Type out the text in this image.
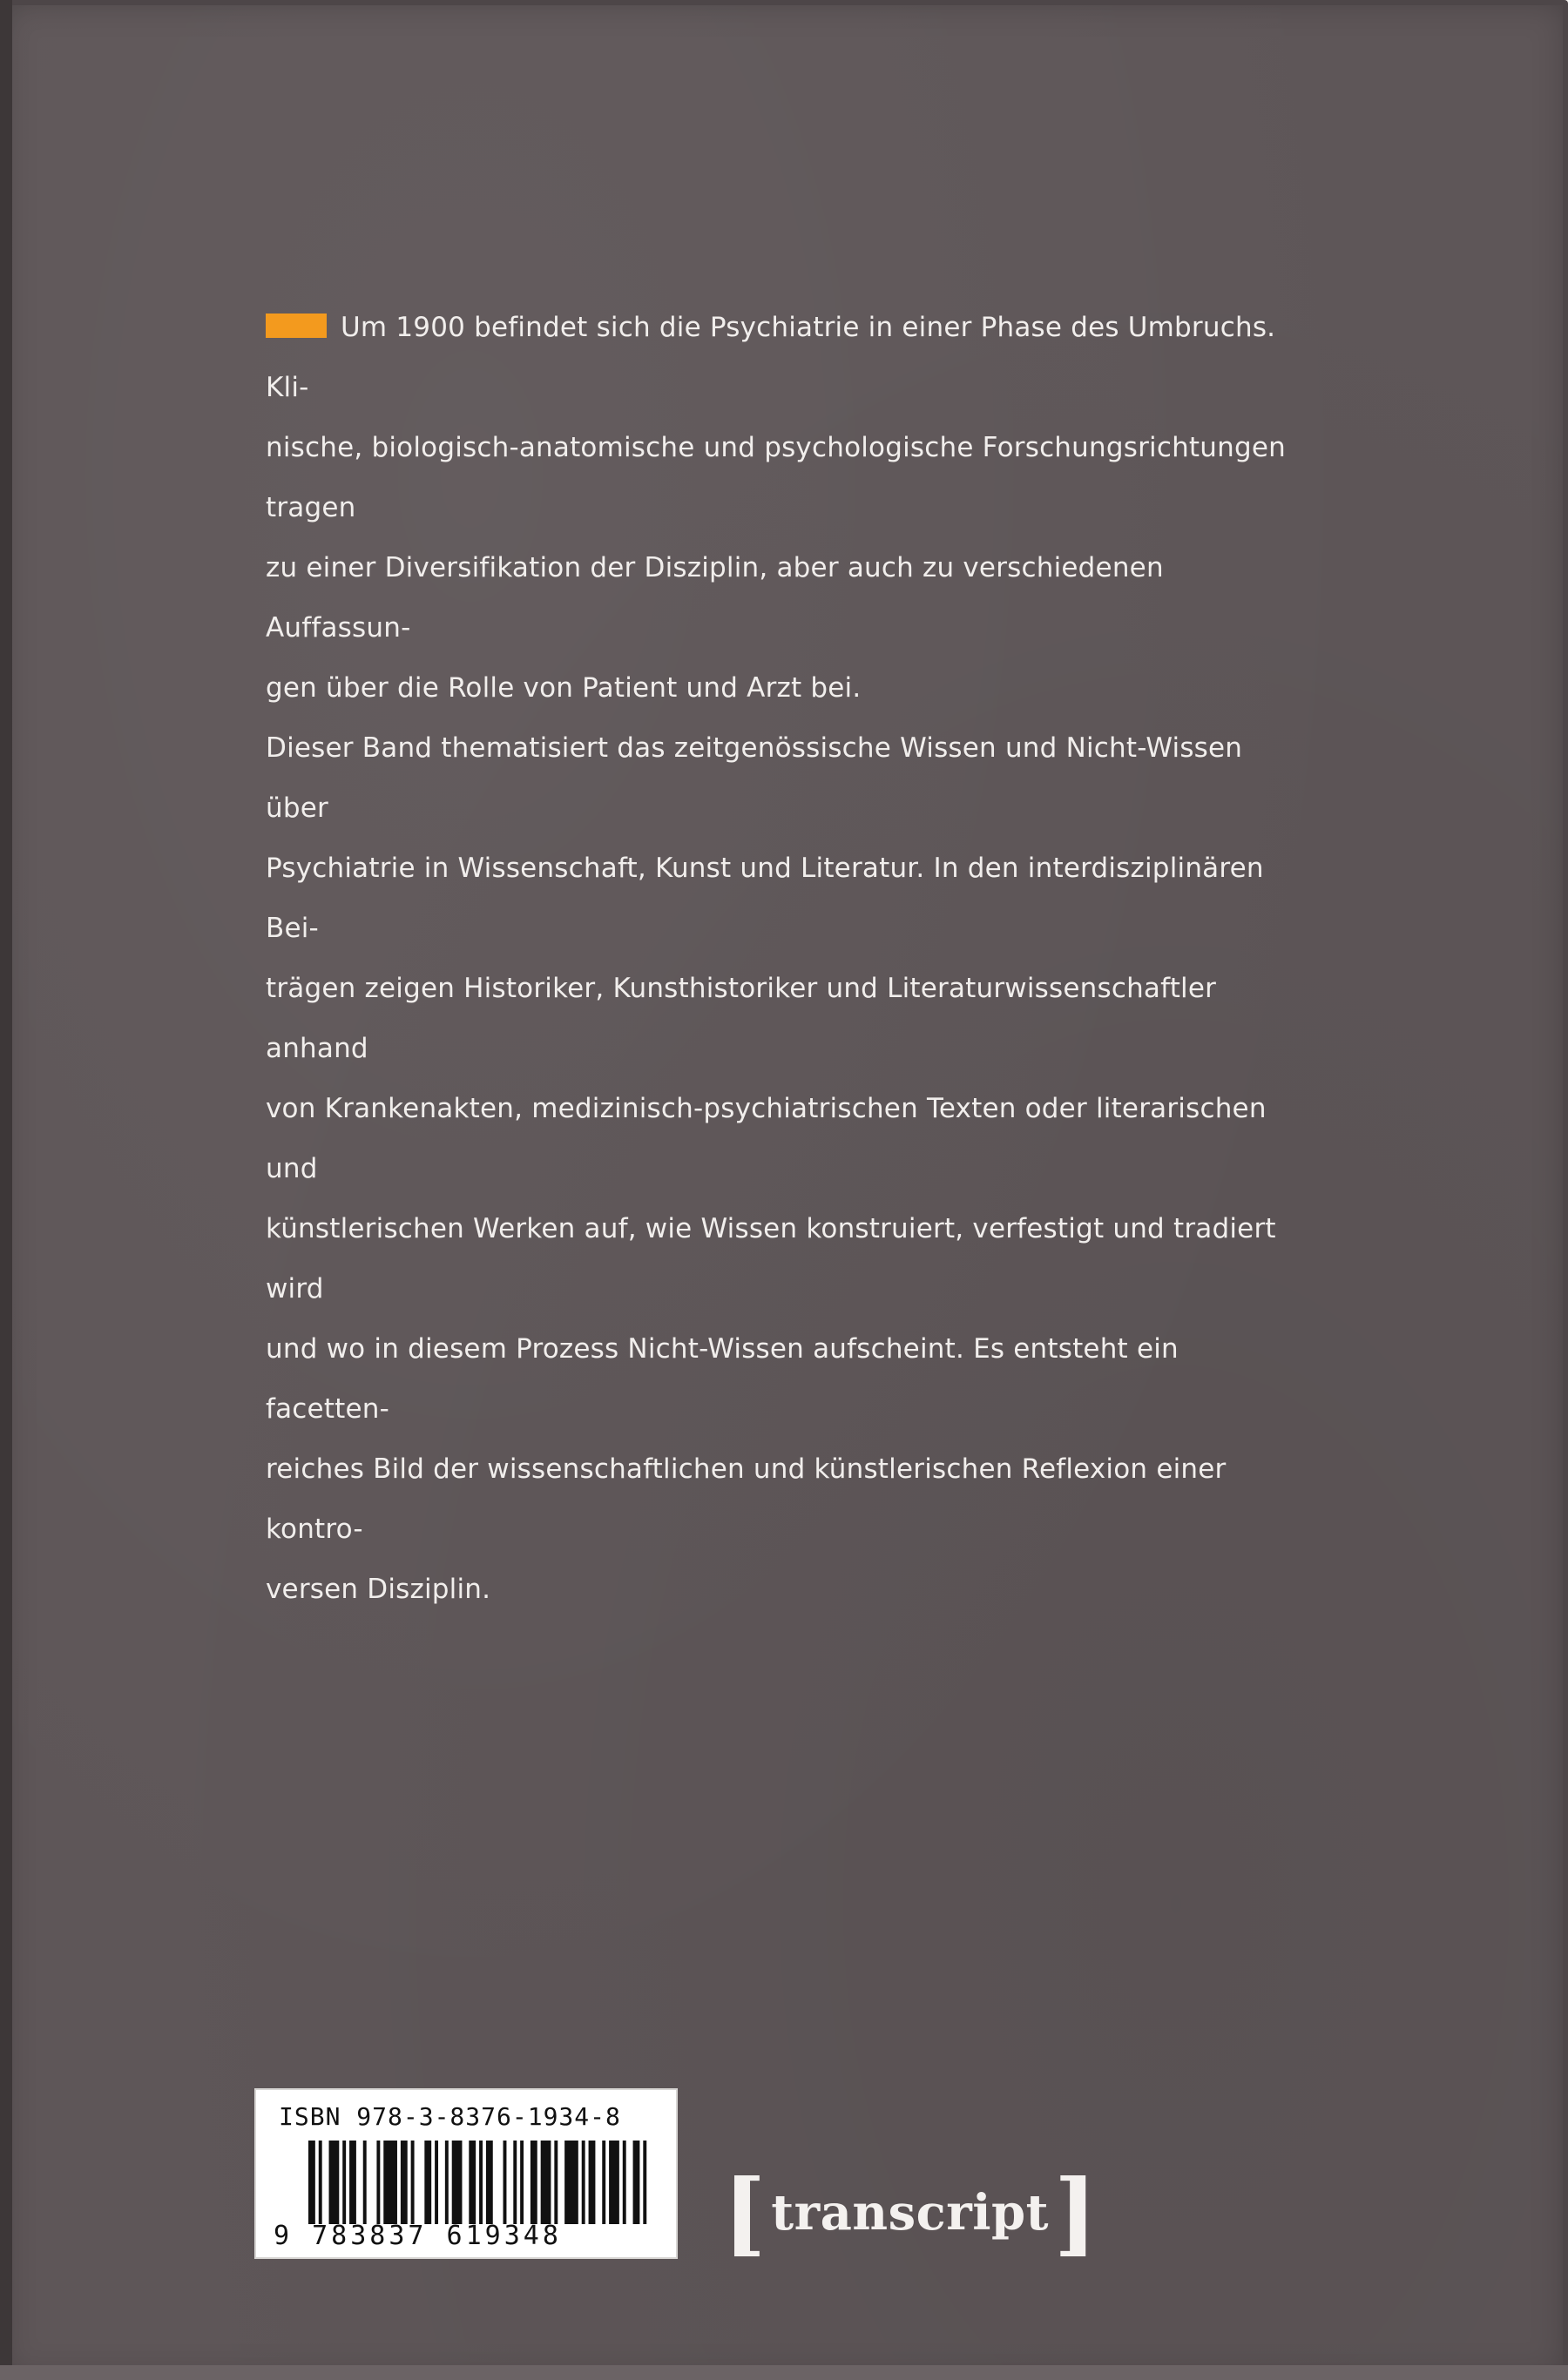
Um 1900 befindet sich die Psychiatrie in einer Phase des Umbruchs. Kli-
nische, biologisch-anatomische und psychologische Forschungsrichtungen tragen
zu einer Diversifikation der Disziplin, aber auch zu verschiedenen Auffassun-
gen über die Rolle von Patient und Arzt bei.

Dieser Band thematisiert das zeitgenössische Wissen und Nicht-Wissen über
Psychiatrie in Wissenschaft, Kunst und Literatur. In den interdisziplinären Bei-
trägen zeigen Historiker, Kunsthistoriker und Literaturwissenschaftler anhand
von Krankenakten, medizinisch-psychiatrischen Texten oder literarischen und
künstlerischen Werken auf, wie Wissen konstruiert, verfestigt und tradiert wird
und wo in diesem Prozess Nicht-Wissen aufscheint. Es entsteht ein facetten-
reiches Bild der wissenschaftlichen und künstlerischen Reflexion einer kontro-
versen Disziplin.

ISBN 978-3-8376-1934-8
9 783837 619348 [ transcript ]
